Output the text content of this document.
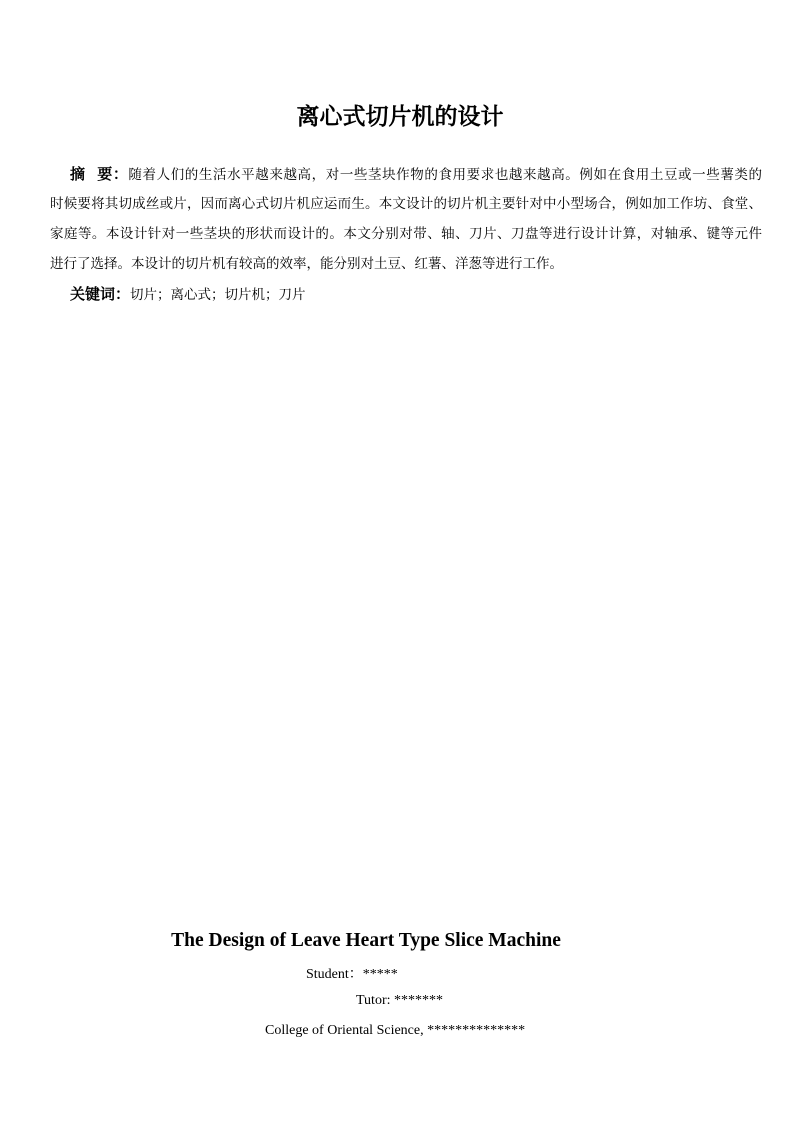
离心式切片机的设计
摘  要：随着人们的生活水平越来越高，对一些茎块作物的食用要求也越来越高。例如在食用土豆或一些薯类的
时候要将其切成丝或片，因而离心式切片机应运而生。本文设计的切片机主要针对中小型场合，例如加工作坊、食堂、
家庭等。本设计针对一些茎块的形状而设计的。本文分别对带、轴、刀片、刀盘等进行设计计算，对轴承、键等元件
进行了选择。本设计的切片机有较高的效率，能分别对土豆、红薯、洋葱等进行工作。
关键词：切片；离心式；切片机；刀片
The Design of Leave Heart Type Slice Machine
Student：*****
Tutor: *******
College of Oriental Science, **************
